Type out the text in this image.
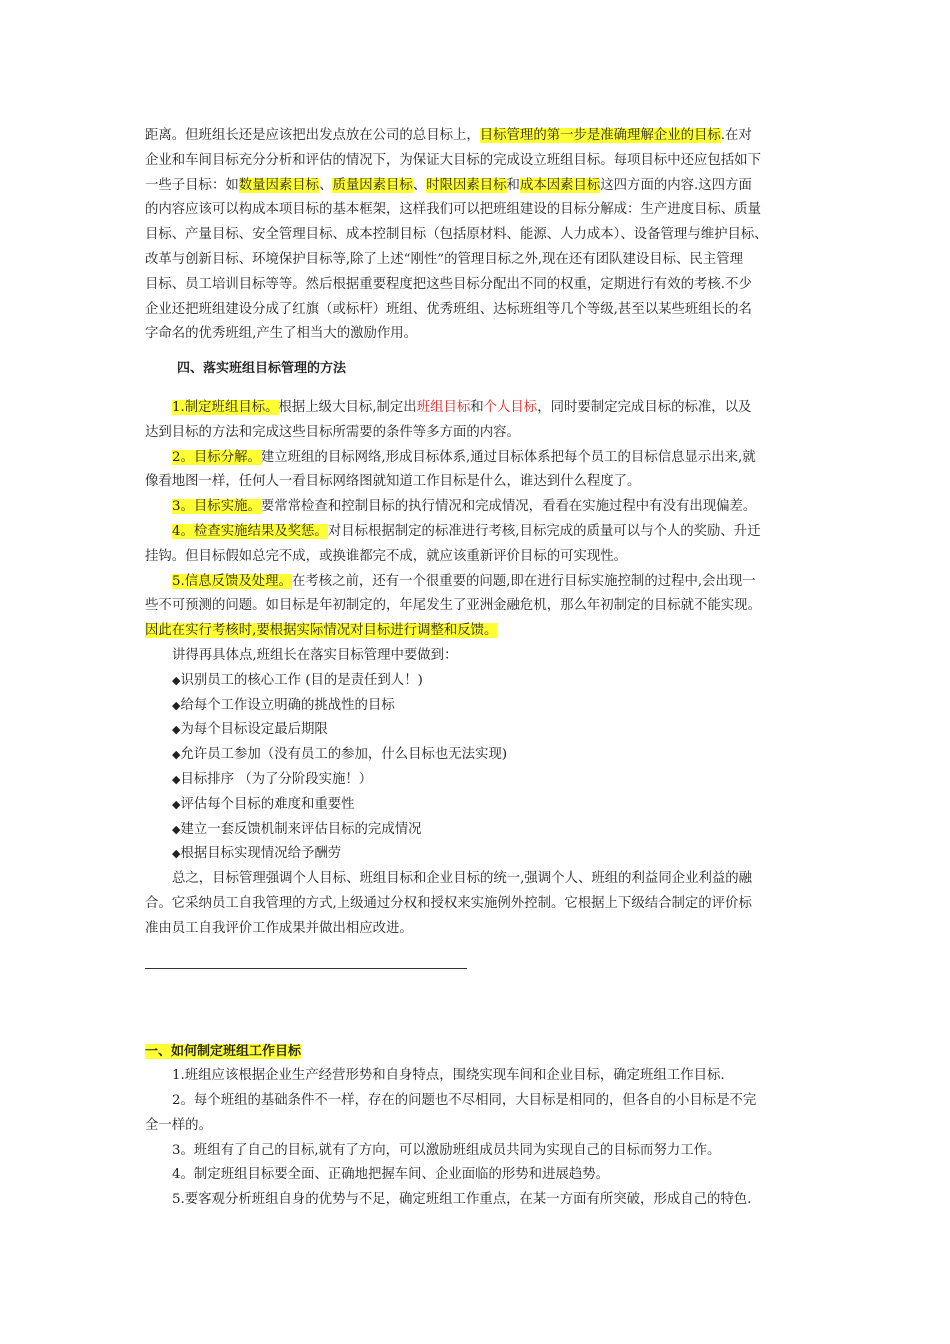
距离。但班组长还是应该把出发点放在公司的总目标上，目标管理的第一步是准确理解企业的目标.在对
企业和车间目标充分分析和评估的情况下，为保证大目标的完成设立班组目标。每项目标中还应包括如下
一些子目标：如数量因素目标、质量因素目标、时限因素目标和成本因素目标这四方面的内容.这四方面
的内容应该可以构成本项目标的基本框架，这样我们可以把班组建设的目标分解成：生产进度目标、质量
目标、产量目标、安全管理目标、成本控制目标（包括原材料、能源、人力成本）、设备管理与维护目标、
改革与创新目标、环境保护目标等,除了上述“刚性”的管理目标之外,现在还有团队建设目标、民主管理
目标、员工培训目标等等。然后根据重要程度把这些目标分配出不同的权重，定期进行有效的考核.不少
企业还把班组建设分成了红旗（或标杆）班组、优秀班组、达标班组等几个等级,甚至以某些班组长的名
字命名的优秀班组,产生了相当大的激励作用。
四、落实班组目标管理的方法
1.制定班组目标。根据上级大目标,制定出班组目标和个人目标，同时要制定完成目标的标准，以及
达到目标的方法和完成这些目标所需要的条件等多方面的内容。
2。目标分解。建立班组的目标网络,形成目标体系,通过目标体系把每个员工的目标信息显示出来,就
像看地图一样，任何人一看目标网络图就知道工作目标是什么，谁达到什么程度了。
3。目标实施。要常常检查和控制目标的执行情况和完成情况，看看在实施过程中有没有出现偏差。
4。检查实施结果及奖惩。对目标根据制定的标准进行考核,目标完成的质量可以与个人的奖励、升迁
挂钩。但目标假如总完不成，或换谁都完不成，就应该重新评价目标的可实现性。
5.信息反馈及处理。在考核之前，还有一个很重要的问题,即在进行目标实施控制的过程中,会出现一
些不可预测的问题。如目标是年初制定的，年尾发生了亚洲金融危机，那么年初制定的目标就不能实现。
因此在实行考核时,要根据实际情况对目标进行调整和反馈。
讲得再具体点,班组长在落实目标管理中要做到：
◆识别员工的核心工作 (目的是责任到人！)
◆给每个工作设立明确的挑战性的目标
◆为每个目标设定最后期限
◆允许员工参加（没有员工的参加，什么目标也无法实现)
◆目标排序 （为了分阶段实施！）
◆评估每个目标的难度和重要性
◆建立一套反馈机制来评估目标的完成情况
◆根据目标实现情况给予酬劳
总之，目标管理强调个人目标、班组目标和企业目标的统一,强调个人、班组的利益同企业利益的融
合。它采纳员工自我管理的方式,上级通过分权和授权来实施例外控制。它根据上下级结合制定的评价标
准由员工自我评价工作成果并做出相应改进。
一、如何制定班组工作目标
1.班组应该根据企业生产经营形势和自身特点，围绕实现车间和企业目标，确定班组工作目标.
2。每个班组的基础条件不一样，存在的问题也不尽相同，大目标是相同的，但各自的小目标是不完
全一样的。
3。班组有了自己的目标,就有了方向，可以激励班组成员共同为实现自己的目标而努力工作。
4。制定班组目标要全面、正确地把握车间、企业面临的形势和进展趋势。
5.要客观分析班组自身的优势与不足，确定班组工作重点，在某一方面有所突破，形成自己的特色.
